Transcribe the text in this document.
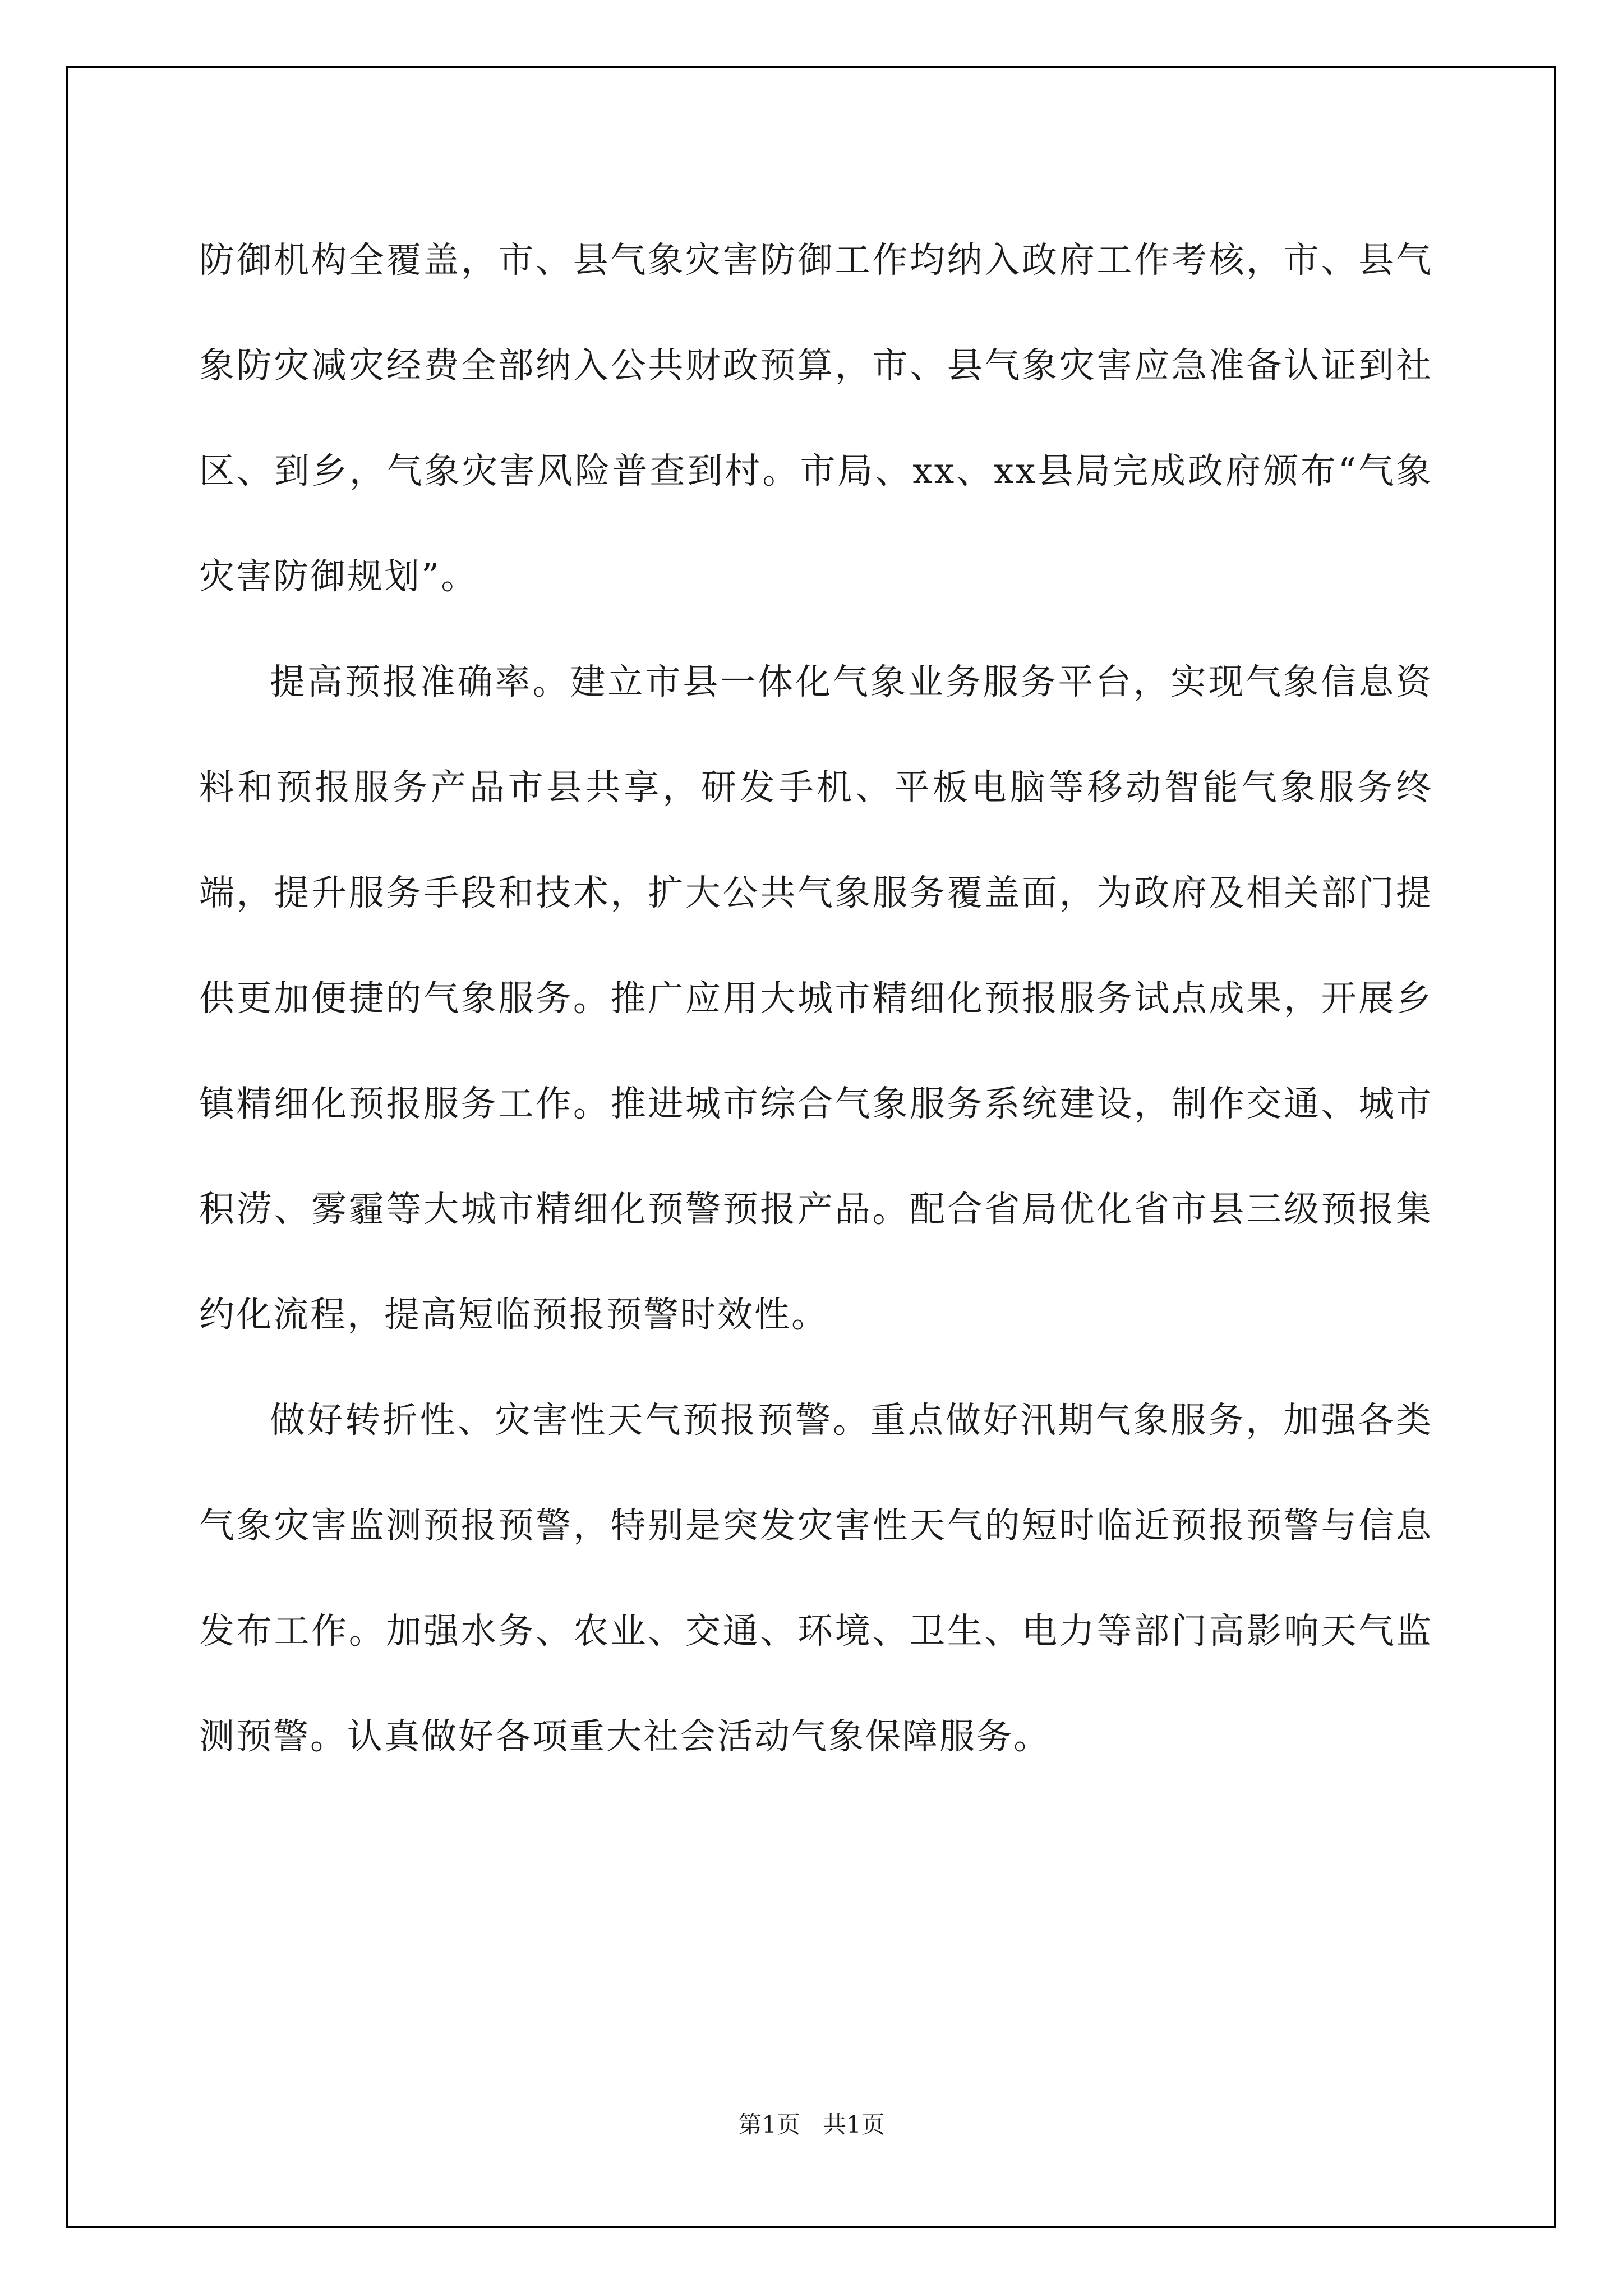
防御机构全覆盖，市、县气象灾害防御工作均纳入政府工作考核，市、县气象防灾减灾经费全部纳入公共财政预算，市、县气象灾害应急准备认证到社区、到乡，气象灾害风险普查到村。市局、xx、xx县局完成政府颁布“气象灾害防御规划”。

提高预报准确率。建立市县一体化气象业务服务平台，实现气象信息资料和预报服务产品市县共享，研发手机、平板电脑等移动智能气象服务终端，提升服务手段和技术，扩大公共气象服务覆盖面，为政府及相关部门提供更加便捷的气象服务。推广应用大城市精细化预报服务试点成果，开展乡镇精细化预报服务工作。推进城市综合气象服务系统建设，制作交通、城市积涝、雾霾等大城市精细化预警预报产品。配合省局优化省市县三级预报集约化流程，提高短临预报预警时效性。

做好转折性、灾害性天气预报预警。重点做好汛期气象服务，加强各类气象灾害监测预报预警，特别是突发灾害性天气的短时临近预报预警与信息发布工作。加强水务、农业、交通、环境、卫生、电力等部门高影响天气监测预警。认真做好各项重大社会活动气象保障服务。

第1页   共1页
